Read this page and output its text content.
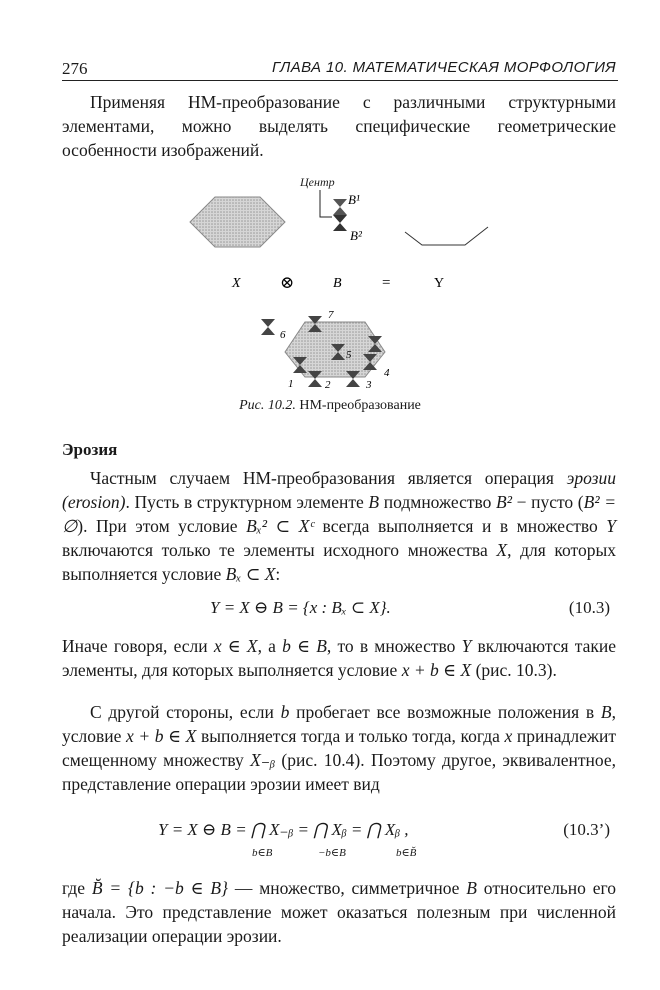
276	ГЛАВА 10. МАТЕМАТИЧЕСКАЯ МОРФОЛОГИЯ

Применяя HM-преобразование с различными структурными элементами, можно выделять специфические геометрические особенности изображений.

Центр
B¹
B²
X ⊗	B	=	Y
1	2	3
4
5
6
7
Рис. 10.2. HM-преобразование
Эрозия

Частным случаем HM-преобразования является операция эрозии (erosion). Пусть в структурном элементе B подмножество B² − пусто (B² = ∅). При этом условие Bₓ² ⊂ Xᶜ всегда выполняется и в множество Y включаются только те элементы исходного множества X, для которых выполняется условие Bₓ ⊂ X:

Y = X ⊖ B = {x : Bₓ ⊂ X}.	(10.3)

Иначе говоря, если x ∈ X, а b ∈ B, то в множество Y включаются такие элементы, для которых выполняется условие x + b ∈ X (рис. 10.3).

С другой стороны, если b пробегает все возможные положения в B, условие x + b ∈ X выполняется тогда и только тогда, когда x принадлежит смещенному множеству X₋ᵦ (рис. 10.4). Поэтому другое, эквивалентное, представление операции эрозии имеет вид

Y = X ⊖ B = ⋂ X₋ᵦ = ⋂ Xᵦ = ⋂ Xᵦ ,
b∈B	−b∈B	b∈B̆
(10.3’)

где B̆ = {b : −b ∈ B} — множество, симметричное B относительно его начала. Это представление может оказаться полезным при численной реализации операции эрозии.
